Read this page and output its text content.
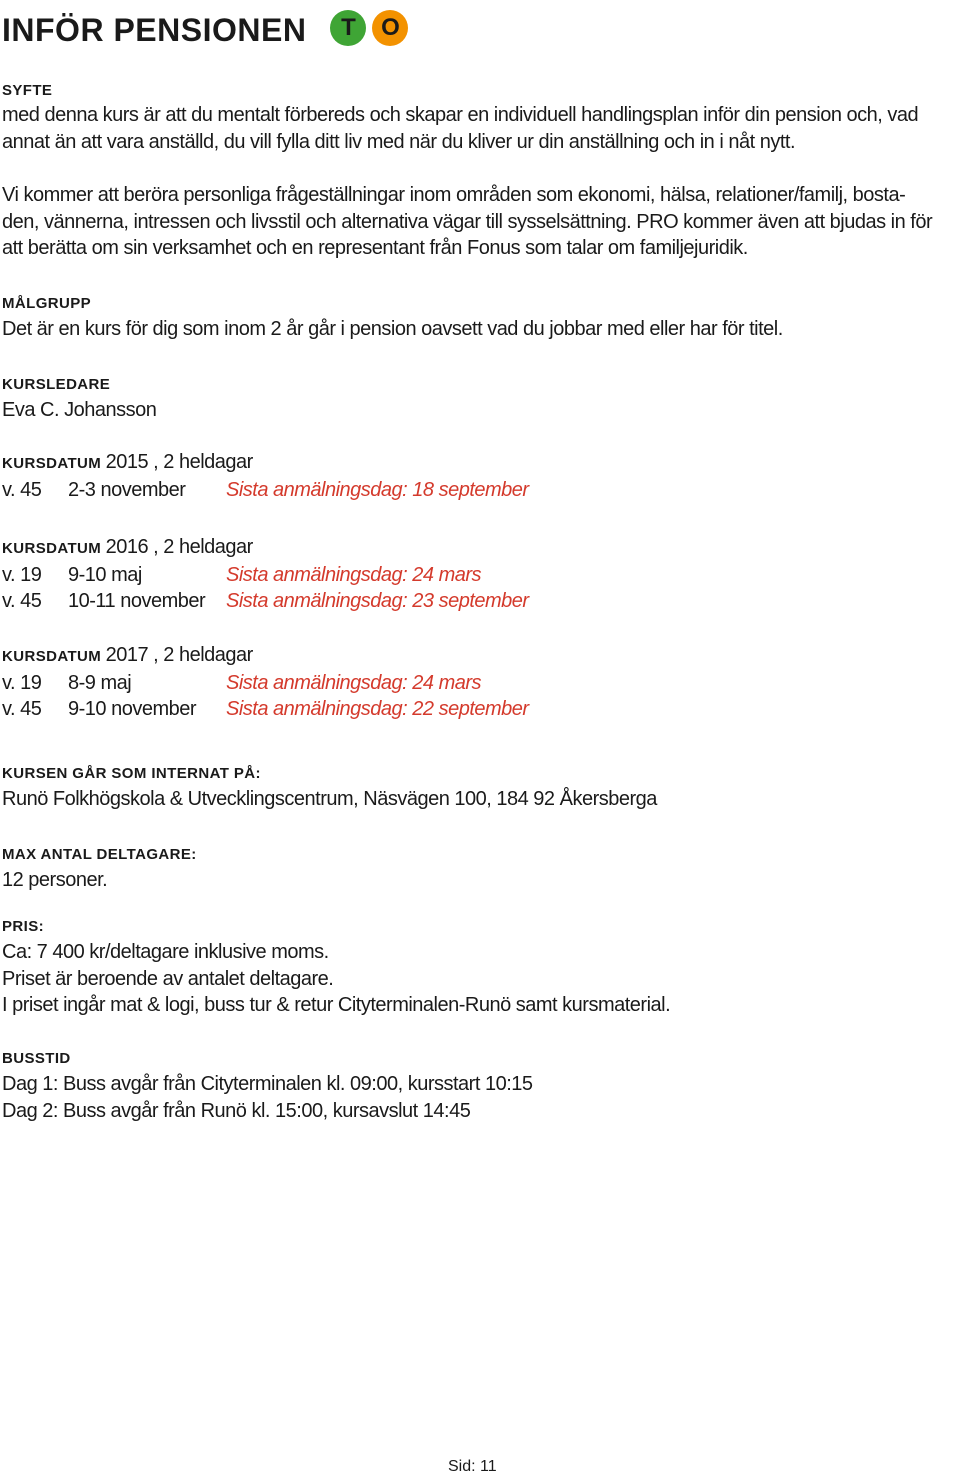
INFÖR PENSIONEN	T	O
SYFTE
med denna kurs är att du mentalt förbereds och skapar en individuell handlingsplan inför din pension och, vad
annat än att vara anställd, du vill fylla ditt liv med när du kliver ur din anställning och in i nåt nytt.
Vi kommer att beröra personliga frågeställningar inom områden som ekonomi, hälsa, relationer/familj, bosta-
den, vännerna, intressen och livsstil och alternativa vägar till sysselsättning. PRO kommer även att bjudas in för
att berätta om sin verksamhet och en representant från Fonus som talar om familjejuridik.
MÅLGRUPP
Det är en kurs för dig som inom 2 år går i pension oavsett vad du jobbar med eller har för titel.
KURSLEDARE
Eva C. Johansson
KURSDATUM 2015 , 2 heldagar
v. 45 2-3 november Sista anmälningsdag: 18 september
KURSDATUM 2016 , 2 heldagar
v. 19 9-10 maj	Sista anmälningsdag: 24 mars
v. 45 10-11 november Sista anmälningsdag: 23 september
KURSDATUM 2017 , 2 heldagar
v. 19 8-9 maj	Sista anmälningsdag: 24 mars
v. 45 9-10 november Sista anmälningsdag: 22 september
KURSEN GÅR SOM INTERNAT PÅ:
Runö Folkhögskola & Utvecklingscentrum, Näsvägen 100, 184 92 Åkersberga
MAX ANTAL DELTAGARE:
12 personer.
PRIS:
Ca: 7 400 kr/deltagare inklusive moms.
Priset är beroende av antalet deltagare.
I priset ingår mat & logi, buss tur & retur Cityterminalen-Runö samt kursmaterial.
BUSSTID
Dag 1: Buss avgår från Cityterminalen kl. 09:00, kursstart 10:15
Dag 2: Buss avgår från Runö kl. 15:00, kursavslut 14:45
Sid: 11
